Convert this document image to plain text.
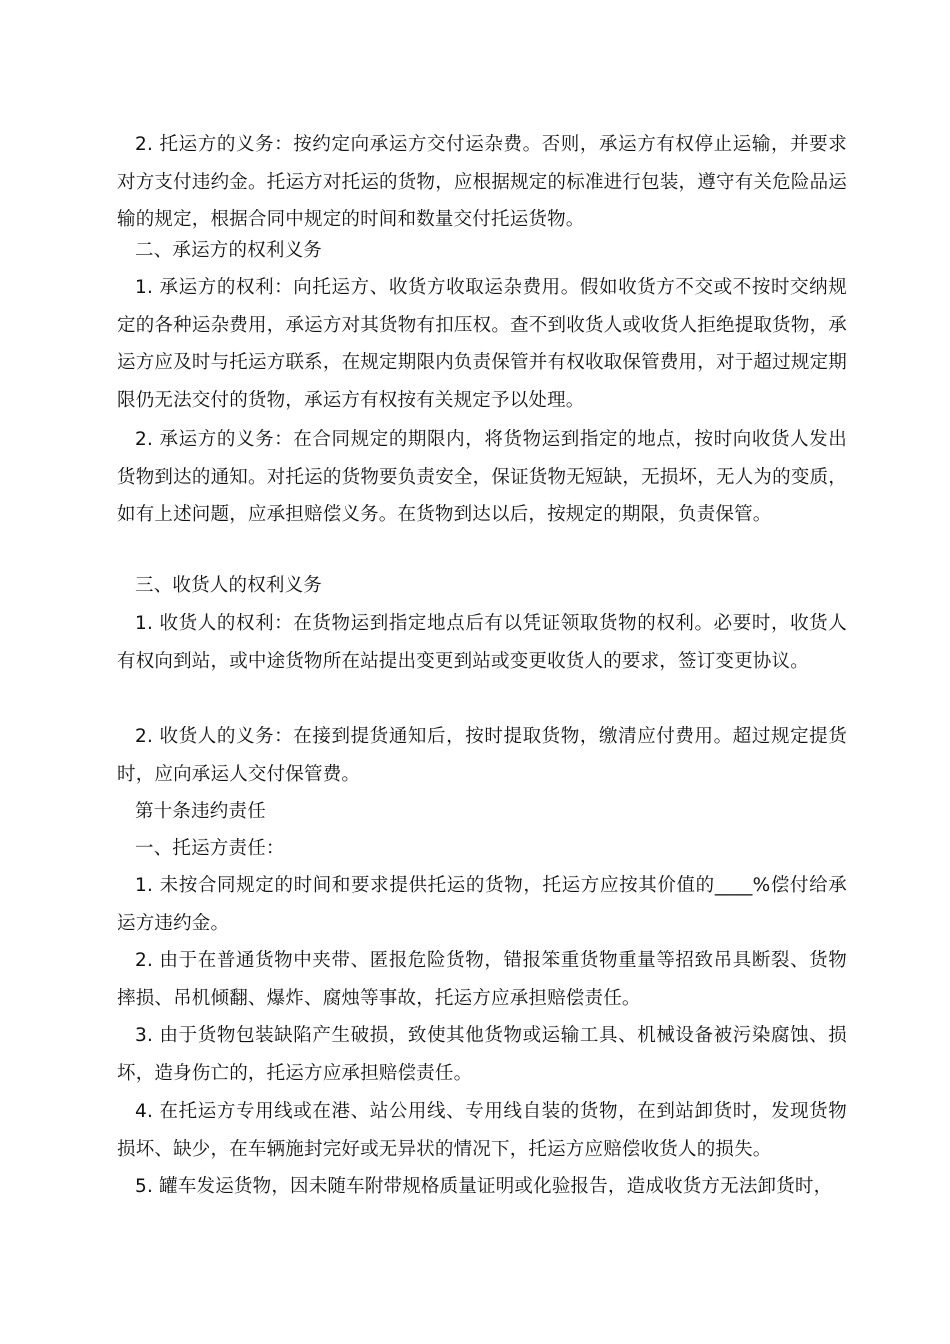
2. 托运方的义务：按约定向承运方交付运杂费。否则，承运方有权停止运输，并要求对方支付违约金。托运方对托运的货物，应根据规定的标准进行包装，遵守有关危险品运输的规定，根据合同中规定的时间和数量交付托运货物。

二、承运方的权利义务

1. 承运方的权利：向托运方、收货方收取运杂费用。假如收货方不交或不按时交纳规定的各种运杂费用，承运方对其货物有扣压权。查不到收货人或收货人拒绝提取货物，承运方应及时与托运方联系，在规定期限内负责保管并有权收取保管费用，对于超过规定期限仍无法交付的货物，承运方有权按有关规定予以处理。

2. 承运方的义务：在合同规定的期限内，将货物运到指定的地点，按时向收货人发出货物到达的通知。对托运的货物要负责安全，保证货物无短缺，无损坏，无人为的变质，如有上述问题，应承担赔偿义务。在货物到达以后，按规定的期限，负责保管。

三、收货人的权利义务

1. 收货人的权利：在货物运到指定地点后有以凭证领取货物的权利。必要时，收货人有权向到站，或中途货物所在站提出变更到站或变更收货人的要求，签订变更协议。

2. 收货人的义务：在接到提货通知后，按时提取货物，缴清应付费用。超过规定提货时，应向承运人交付保管费。

第十条违约责任

一、托运方责任：

1. 未按合同规定的时间和要求提供托运的货物，托运方应按其价值的____%偿付给承运方违约金。

2. 由于在普通货物中夹带、匿报危险货物，错报笨重货物重量等招致吊具断裂、货物摔损、吊机倾翻、爆炸、腐烛等事故，托运方应承担赔偿责任。

3. 由于货物包装缺陷产生破损，致使其他货物或运输工具、机械设备被污染腐蚀、损坏，造身伤亡的，托运方应承担赔偿责任。

4. 在托运方专用线或在港、站公用线、专用线自装的货物，在到站卸货时，发现货物损坏、缺少，在车辆施封完好或无异状的情况下，托运方应赔偿收货人的损失。

5. 罐车发运货物，因未随车附带规格质量证明或化验报告，造成收货方无法卸货时，
